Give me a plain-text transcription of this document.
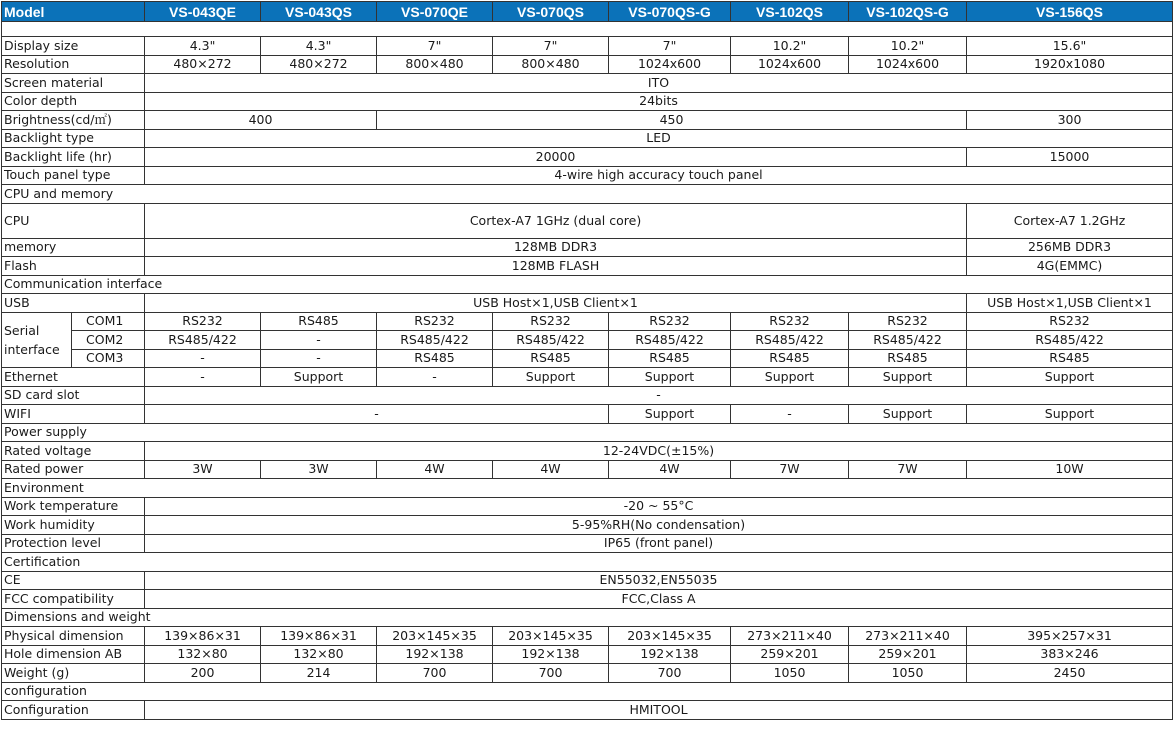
Model		VS-043QE	VS-043QS	VS-070QE	VS-070QS	VS-070QS-G	VS-102QS	VS-102QS-G	VS-156QS

Display size		4.3"	4.3"	7"	7"	7"	10.2"	10.2"	15.6"
Resolution		480×272	480×272	800×480	800×480	1024x600	1024x600	1024x600	1920x1080
Screen material		ITO							
Color depth		24bits							
Brightness(cd/㎡)		400		450					300
Backlight type		LED							
Backlight life (hr)		20000							15000
Touch panel type		4-wire high accuracy touch panel							
CPU and memory									
CPU		Cortex-A7 1GHz (dual core)							Cortex-A7 1.2GHz
memory		128MB DDR3							256MB DDR3
Flash		128MB FLASH							4G(EMMC)
Communication interface									
USB		USB Host×1,USB Client×1							USB Host×1,USB Client×1
Serial interface	COM1	RS232	RS485	RS232	RS232	RS232	RS232	RS232	RS232
	COM2	RS485/422	-	RS485/422	RS485/422	RS485/422	RS485/422	RS485/422	RS485/422
	COM3	-	-	RS485	RS485	RS485	RS485	RS485	RS485
Ethernet		-	Support	-	Support	Support	Support	Support	Support
SD card slot		-							
WIFI		-				Support	-	Support	Support
Power supply									
Rated voltage		12-24VDC(±15%)							
Rated power		3W	3W	4W	4W	4W	7W	7W	10W
Environment									
Work temperature		-20 ~ 55°C							
Work humidity		5-95%RH(No condensation)							
Protection level		IP65 (front panel)							
Certification									
CE		EN55032,EN55035							
FCC compatibility		FCC,Class A							
Dimensions and weight									
Physical dimension		139×86×31	139×86×31	203×145×35	203×145×35	203×145×35	273×211×40	273×211×40	395×257×31
Hole dimension AB		132×80	132×80	192×138	192×138	192×138	259×201	259×201	383×246
Weight (g)		200	214	700	700	700	1050	1050	2450
configuration									
Configuration		HMITOOL							
